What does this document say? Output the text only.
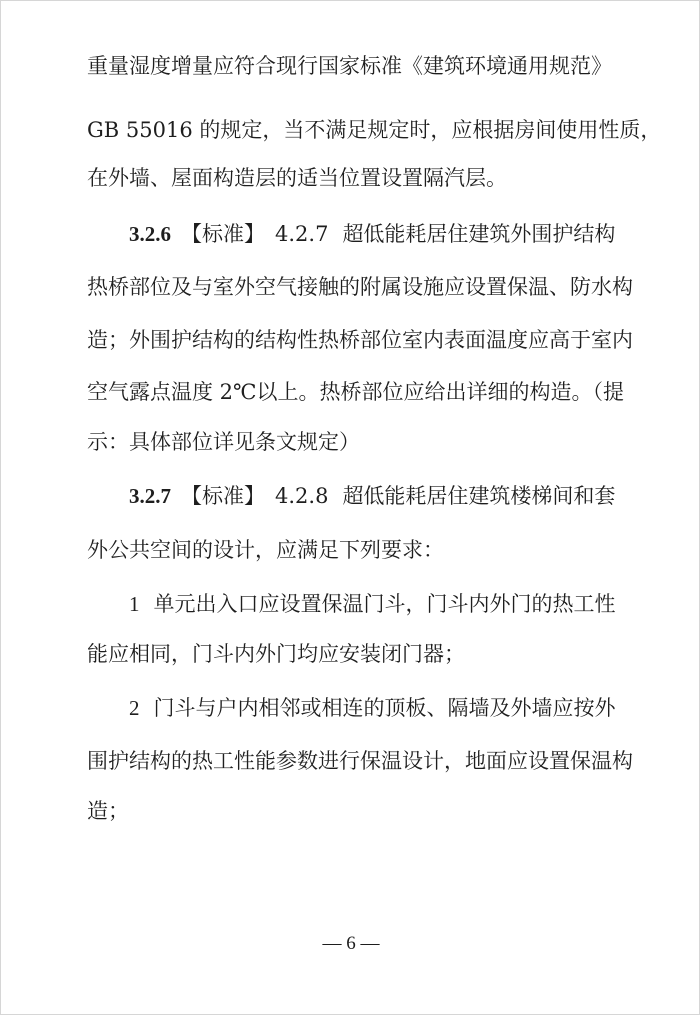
重量湿度增量应符合现行国家标准《建筑环境通用规范》
GB 55016 的规定，当不满足规定时，应根据房间使用性质，
在外墙、屋面构造层的适当位置设置隔汽层。
3.2.6 【标准】 4.2.7 超低能耗居住建筑外围护结构
热桥部位及与室外空气接触的附属设施应设置保温、防水构
造；外围护结构的结构性热桥部位室内表面温度应高于室内
空气露点温度 2℃以上。热桥部位应给出详细的构造。（提
示：具体部位详见条文规定）
3.2.7 【标准】 4.2.8 超低能耗居住建筑楼梯间和套
外公共空间的设计，应满足下列要求：
1 单元出入口应设置保温门斗，门斗内外门的热工性
能应相同，门斗内外门均应安装闭门器；
2 门斗与户内相邻或相连的顶板、隔墙及外墙应按外
围护结构的热工性能参数进行保温设计，地面应设置保温构
造；
— 6 —
